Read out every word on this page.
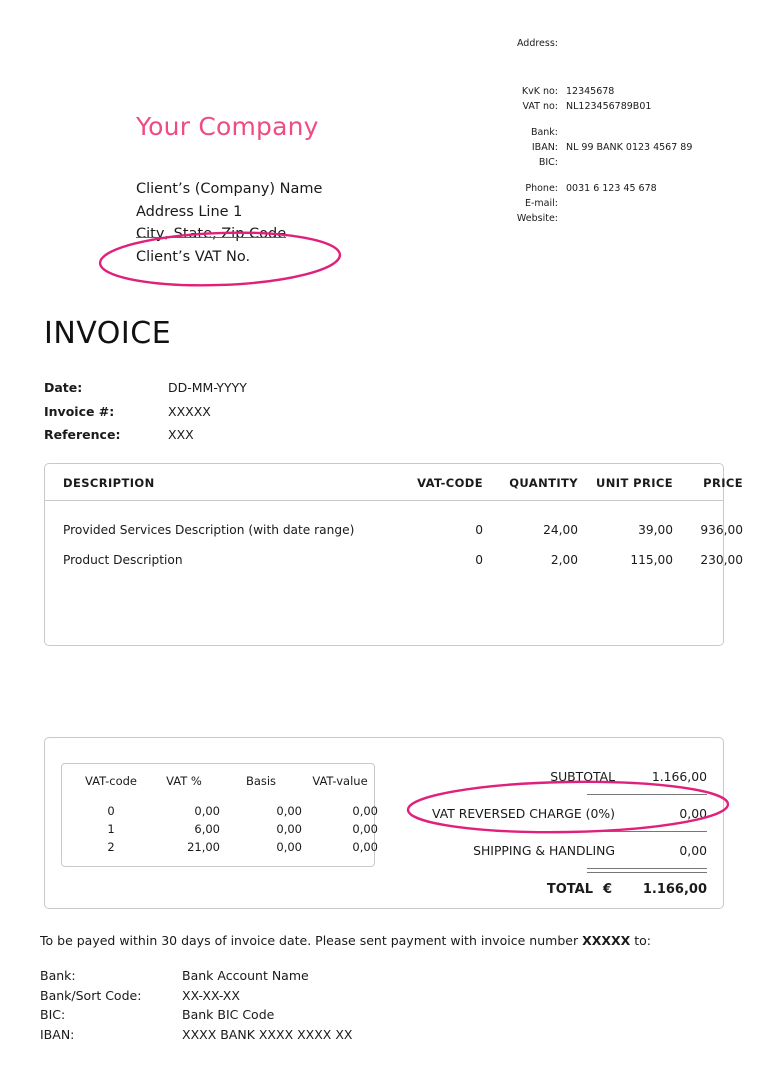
Your Company
Client’s (Company) Name
Address Line 1
City, State, Zip Code
Client’s VAT No.
Address:
KvK no: 12345678
VAT no: NL123456789B01
Bank:
IBAN: NL 99 BANK 0123 4567 89
BIC:
Phone: 0031 6 123 45 678
E-mail:
Website:
INVOICE
Date:	DD-MM-YYYY
Invoice #:	XXXXX
Reference:	XXX
DESCRIPTION	VAT-CODE	QUANTITY	UNIT PRICE	PRICE
Provided Services Description (with date range)	0	24,00	39,00	936,00
Product Description	0	2,00	115,00	230,00
VAT-code	VAT %	Basis	VAT-value
0	0,00	0,00	0,00
1	6,00	0,00	0,00
2	21,00	0,00	0,00
SUBTOTAL	1.166,00
VAT REVERSED CHARGE (0%)	0,00
SHIPPING & HANDLING	0,00
TOTAL €	1.166,00
To be payed within 30 days of invoice date. Please sent payment with invoice number XXXXX to:
Bank:	Bank Account Name
Bank/Sort Code:	XX-XX-XX
BIC:	Bank BIC Code
IBAN:	XXXX BANK XXXX XXXX XX
